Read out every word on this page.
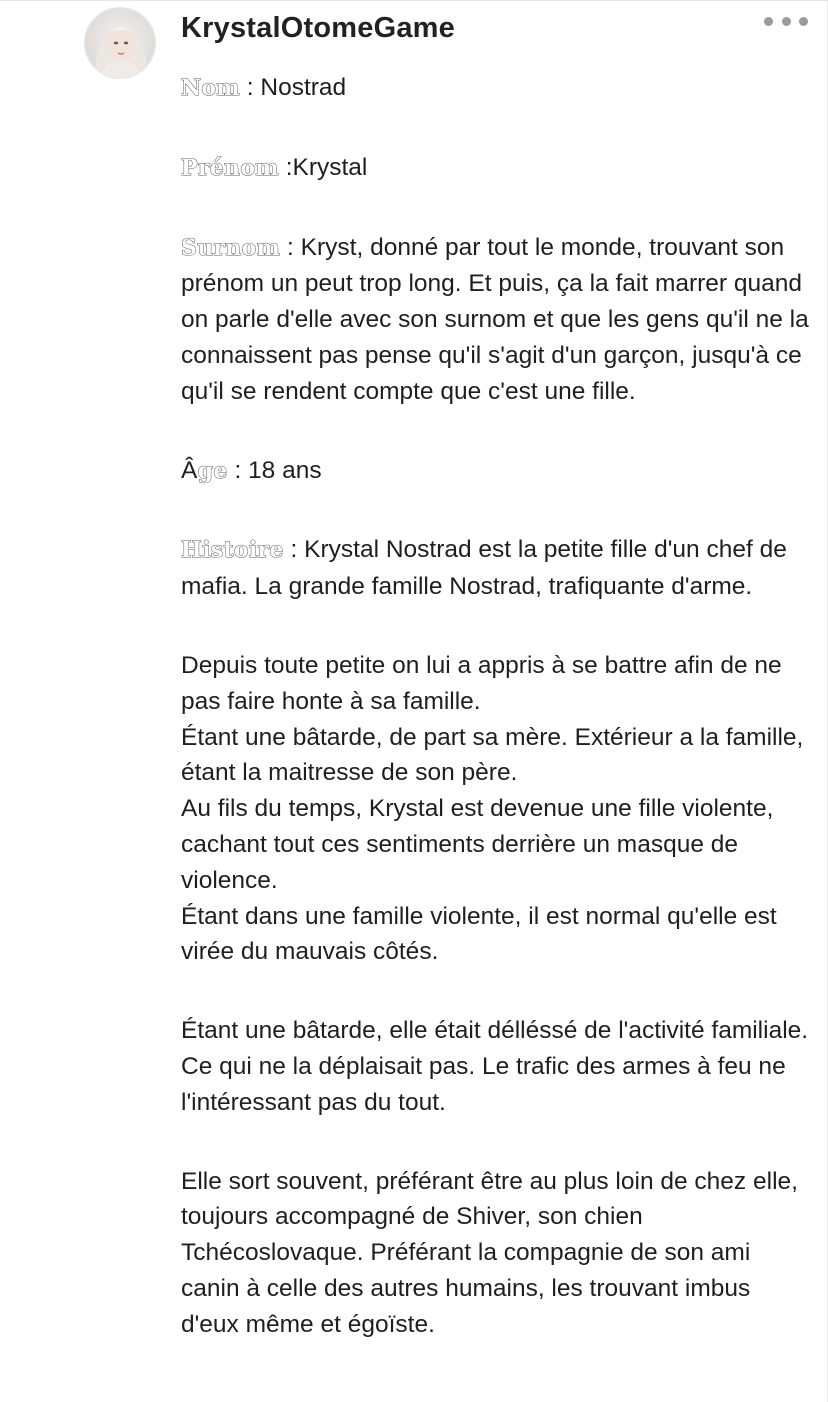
KrystalOtomeGame

Nom : Nostrad

Prénom :Krystal

Surnom : Kryst, donné par tout le monde, trouvant son prénom un peut trop long. Et puis, ça la fait marrer quand on parle d'elle avec son surnom et que les gens qu'il ne la connaissent pas pense qu'il s'agit d'un garçon, jusqu'à ce qu'il se rendent compte que c'est une fille.

Âge : 18 ans

Histoire : Krystal Nostrad est la petite fille d'un chef de mafia. La grande famille Nostrad, trafiquante d'arme.

Depuis toute petite on lui a appris à se battre afin de ne pas faire honte à sa famille.
Étant une bâtarde, de part sa mère. Extérieur a la famille, étant la maitresse de son père.
Au fils du temps, Krystal est devenue une fille violente, cachant tout ces sentiments derrière un masque de violence.
Étant dans une famille violente, il est normal qu'elle est virée du mauvais côtés.

Étant une bâtarde, elle était délléssé de l'activité familiale. Ce qui ne la déplaisait pas. Le trafic des armes à feu ne l'intéressant pas du tout.

Elle sort souvent, préférant être au plus loin de chez elle, toujours accompagné de Shiver, son chien Tchécoslovaque. Préférant la compagnie de son ami canin à celle des autres humains, les trouvant imbus d'eux même et égoïste.
